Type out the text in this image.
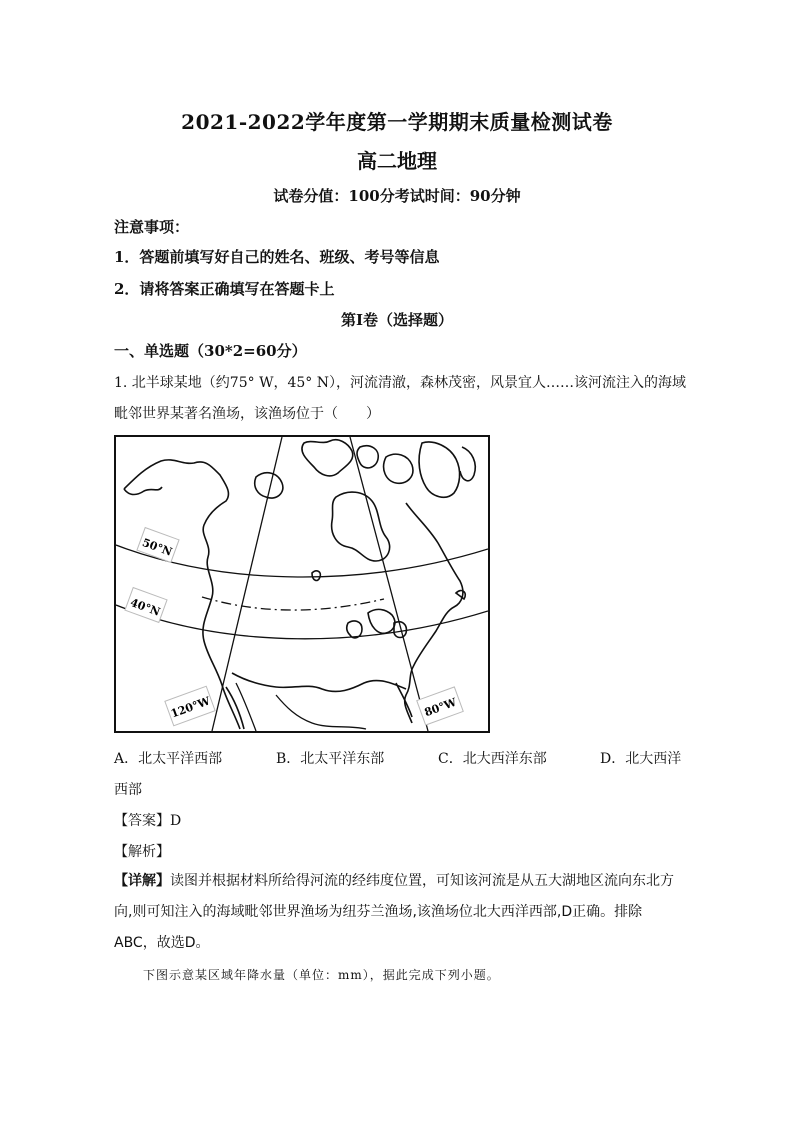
2021-2022学年度第一学期期末质量检测试卷
高二地理
试卷分值：100分考试时间：90分钟
注意事项：
1．答题前填写好自己的姓名、班级、考号等信息
2．请将答案正确填写在答题卡上
第I卷（选择题）
一、单选题（30*2=60分）
1. 北半球某地（约75° W，45° N），河流清澈，森林茂密，风景宜人……该河流注入的海域
毗邻世界某著名渔场，该渔场位于（　　）
50°N
40°N
120°W	80°W
A．北太平洋西部	B．北太平洋东部	C．北大西洋东部	D．北大西洋
西部
【答案】D
【解析】
【详解】读图并根据材料所给得河流的经纬度位置，可知该河流是从五大湖地区流向东北方向,则可知注入的海域毗邻世界渔场为纽芬兰渔场,该渔场位北大西洋西部,D正确。排除ABC，故选D。
下图示意某区域年降水量（单位：mm），据此完成下列小题。
